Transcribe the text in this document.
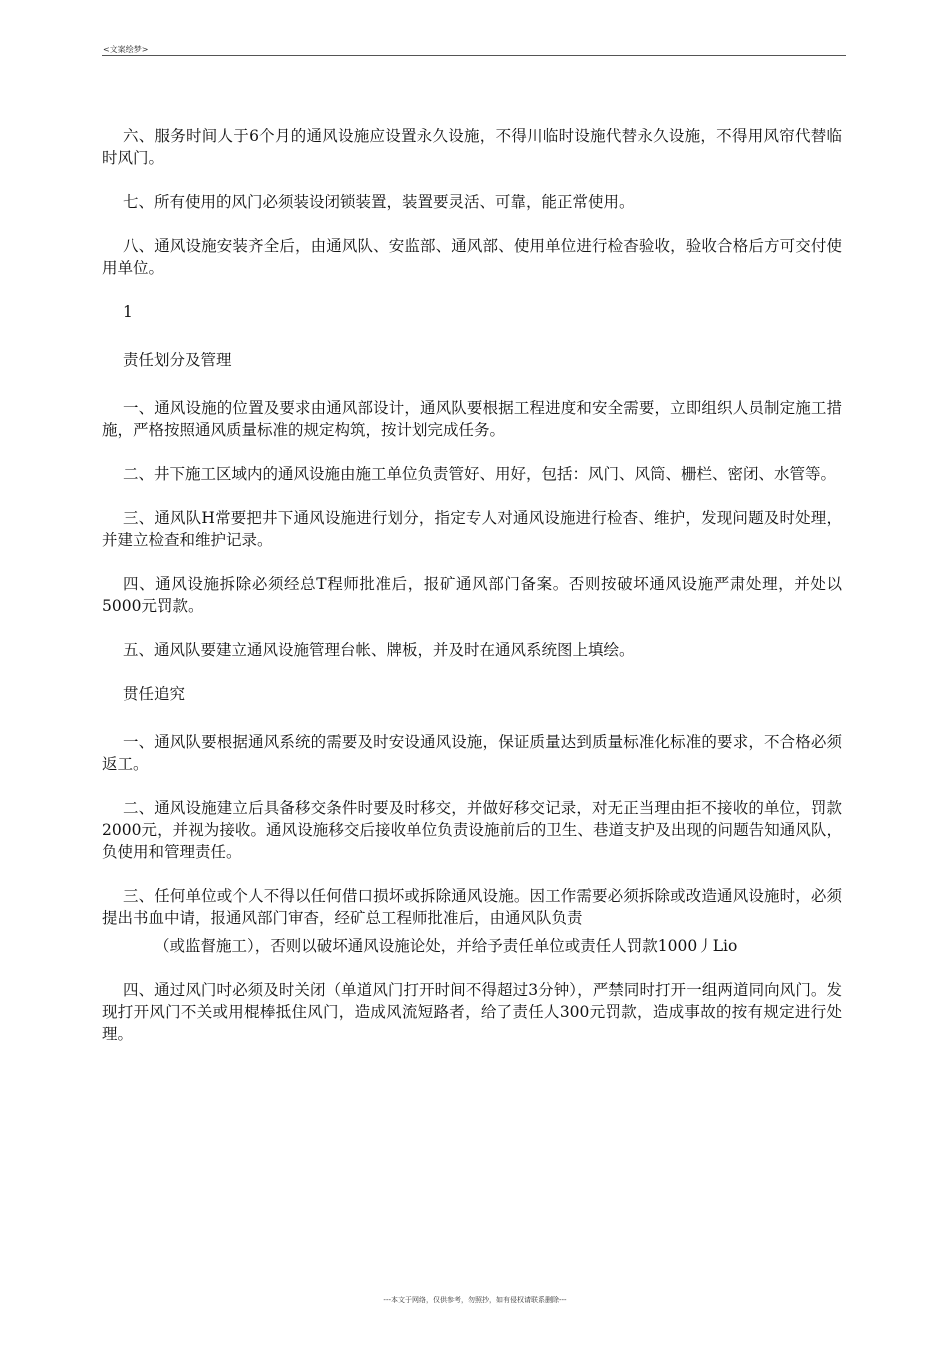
<文案绘梦>

六、服务时间人于6个月的通风设施应设置永久设施，不得川临时设施代替永久设施，不得用风帘代替临时风门。

七、所有使用的风门必须装设闭锁装置，装置要灵活、可靠，能正常使用。

八、通风设施安装齐全后，由通风队、安监部、通风部、使用单位进行检杳验收，验收合格后方可交付使用单位。

1

责任划分及管理

一、通风设施的位置及要求由通风部设计，通风队要根据工程进度和安全需要，立即组织人员制定施工措施，严格按照通风质量标准的规定构筑，按计划完成任务。

二、井下施工区域内的通风设施由施工单位负责管好、用好，包括：风门、风筒、栅栏、密闭、水管等。

三、通风队H常要把井下通风设施进行划分，指定专人对通风设施进行检杳、维护，发现问题及时处理，并建立检查和维护记录。

四、通风设施拆除必须经总T程师批准后，报矿通风部门备案。否则按破坏通风设施严肃处理，并处以5000元罚款。

五、通风队要建立通风设施管理台帐、牌板，并及时在通风系统图上填绘。

贯任追究

一、通风队要根据通风系统的需要及时安设通风设施，保证质量达到质量标准化标准的要求，不合格必须返工。

二、通风设施建立后具备移交条件时要及时移交，并做好移交记录，对无正当理由拒不接收的单位，罚款2000元，并视为接收。通风设施移交后接收单位负责设施前后的卫生、巷道支护及出现的问题告知通风队，负使用和管理责任。

三、任何单位或个人不得以任何借口损坏或拆除通风设施。因工作需要必须拆除或改造通风设施时，必须提出书血中请，报通风部门审杳，经矿总工程师批准后，由通风队负责

（或监督施工），否则以破坏通风设施论处，并给予责任单位或责任人罚款1000丿Lio

四、通过风门吋必须及时关闭（单道风门打开时间不得超过3分钟），严禁同时打开一组两道同向风门。发现打开风门不关或用棍棒抵住风门，造成风流短路者，给了责任人300元罚款，造成事故的按有规定进行处理。

---本文于网络，仅供参考，勿照抄，如有侵权请联系删除---
